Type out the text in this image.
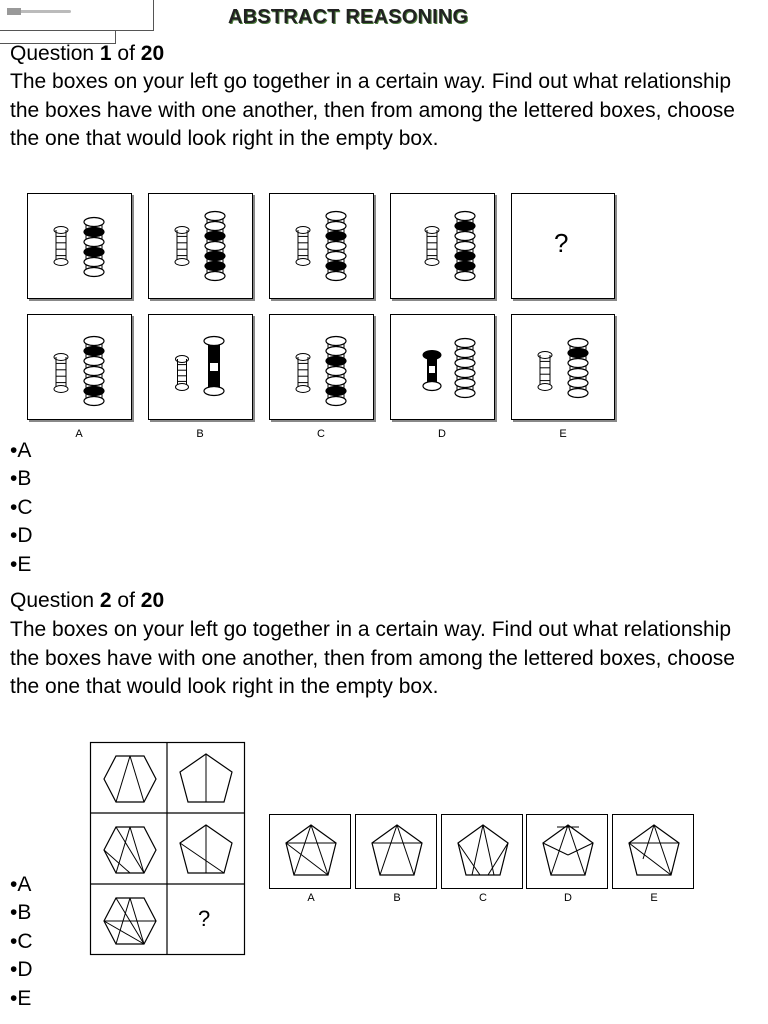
ABSTRACT REASONING
Question 1 of 20
The boxes on your left go together in a certain way. Find out what relationship the boxes have with one another, then from among the lettered boxes, choose the one that would look right in the empty box.
?
A	B	C	D	E
•A
•B
•C
•D
•E
Question 2 of 20
The boxes on your left go together in a certain way. Find out what relationship the boxes have with one another, then from among the lettered boxes, choose the one that would look right in the empty box.
?
A	B	C	D	E
•A
•B
•C
•D
•E
